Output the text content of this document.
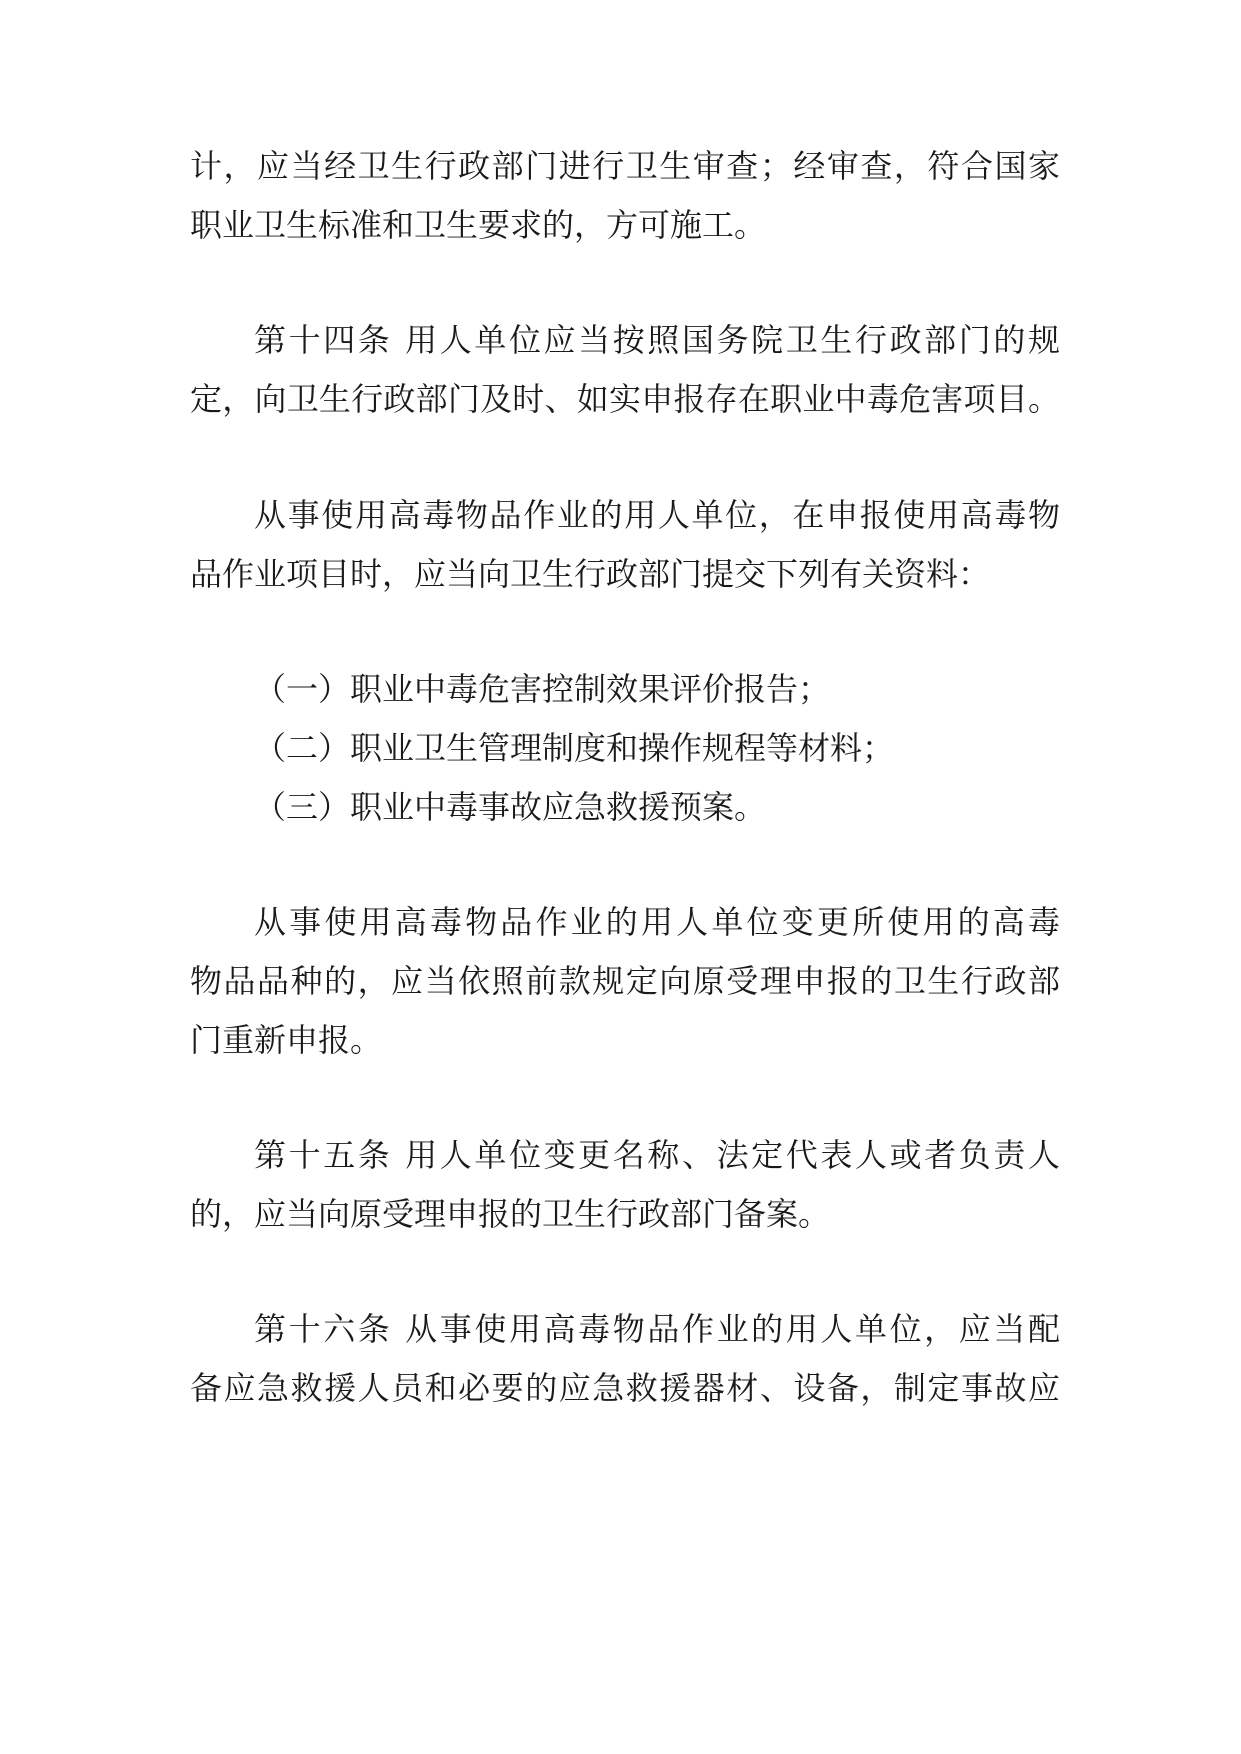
计，应当经卫生行政部门进行卫生审查；经审查，符合国家
职业卫生标准和卫生要求的，方可施工。
第十四条 用人单位应当按照国务院卫生行政部门的规
定，向卫生行政部门及时、如实申报存在职业中毒危害项目。
从事使用高毒物品作业的用人单位，在申报使用高毒物
品作业项目时，应当向卫生行政部门提交下列有关资料：
（一）职业中毒危害控制效果评价报告；
（二）职业卫生管理制度和操作规程等材料；
（三）职业中毒事故应急救援预案。
从事使用高毒物品作业的用人单位变更所使用的高毒
物品品种的，应当依照前款规定向原受理申报的卫生行政部
门重新申报。
第十五条 用人单位变更名称、法定代表人或者负责人
的，应当向原受理申报的卫生行政部门备案。
第十六条 从事使用高毒物品作业的用人单位，应当配
备应急救援人员和必要的应急救援器材、设备，制定事故应
